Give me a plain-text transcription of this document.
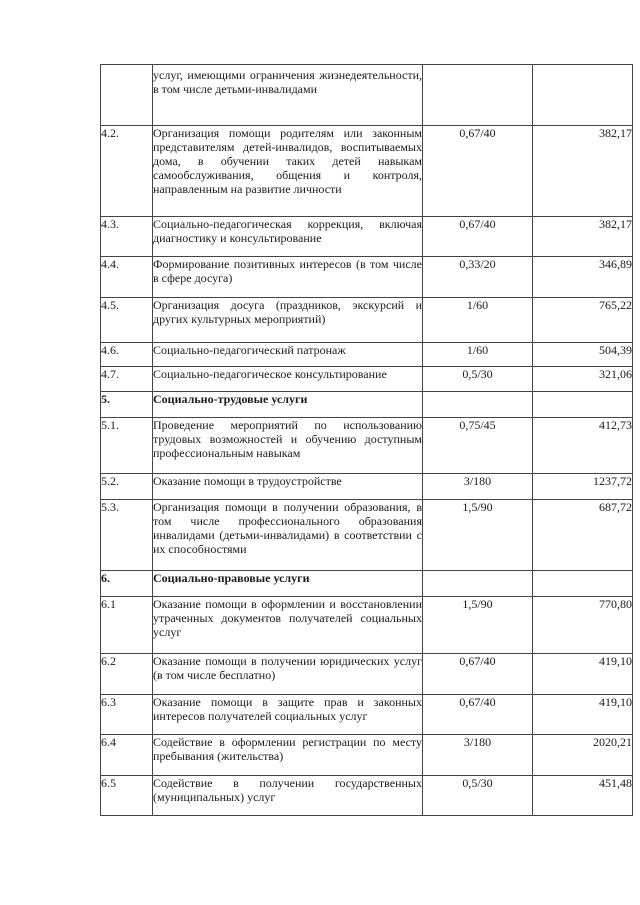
	услуг, имеющими ограничения жизнедеятельности, в том числе детьми-инвалидами		
4.2.	Организация помощи родителям или законным представителям детей-инвалидов, воспитываемых дома, в обучении таких детей навыкам самообслуживания, общения и контроля, направленным на развитие личности	0,67/40	382,17
4.3.	Социально-педагогическая коррекция, включая диагностику и консультирование	0,67/40	382,17
4.4.	Формирование позитивных интересов (в том числе в сфере досуга)	0,33/20	346,89
4.5.	Организация досуга (праздников, экскурсий и других культурных мероприятий)	1/60	765,22
4.6.	Социально-педагогический патронаж	1/60	504,39
4.7.	Социально-педагогическое консультирование	0,5/30	321,06
5.	Социально-трудовые услуги		
5.1.	Проведение мероприятий по использованию трудовых возможностей и обучению доступным профессиональным навыкам	0,75/45	412,73
5.2.	Оказание помощи в трудоустройстве	3/180	1237,72
5.3.	Организация помощи в получении образования, в том числе профессионального образования инвалидами (детьми-инвалидами) в соответствии с их способностями	1,5/90	687,72
6.	Социально-правовые услуги		
6.1	Оказание помощи в оформлении и восстановлении утраченных документов получателей социальных услуг	1,5/90	770,80
6.2	Оказание помощи в получении юридических услуг (в том числе бесплатно)	0,67/40	419,10
6.3	Оказание помощи в защите прав и законных интересов получателей социальных услуг	0,67/40	419,10
6.4	Содействие в оформлении регистрации по месту пребывания (жительства)	3/180	2020,21
6.5	Содействие в получении государственных (муниципальных) услуг	0,5/30	451,48
